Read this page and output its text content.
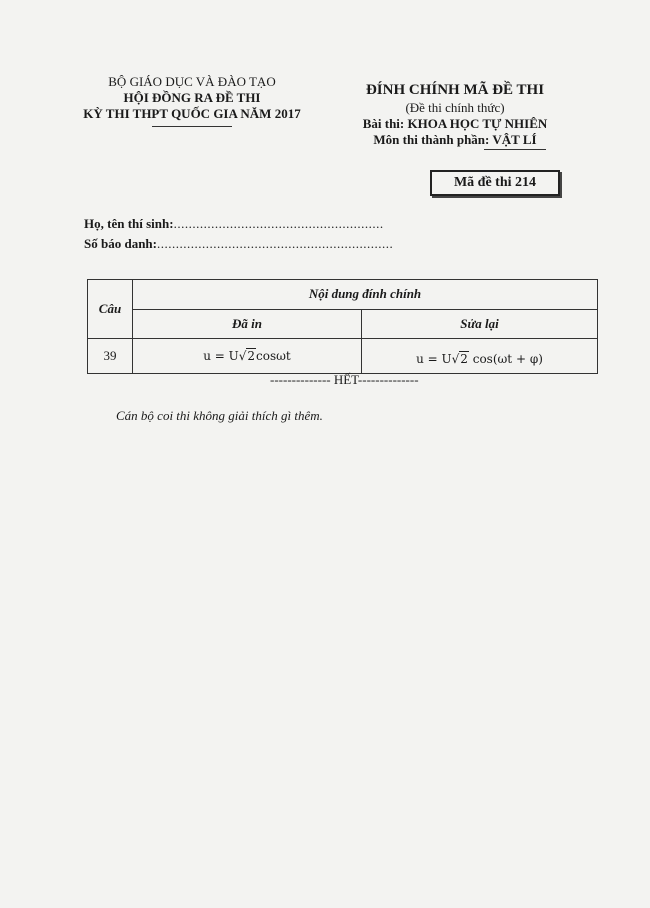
BỘ GIÁO DỤC VÀ ĐÀO TẠO
HỘI ĐỒNG RA ĐỀ THI
KỲ THI THPT QUỐC GIA NĂM 2017
ĐÍNH CHÍNH MÃ ĐỀ THI
(Đề thi chính thức)
Bài thi: KHOA HỌC TỰ NHIÊN
Môn thi thành phần: VẬT LÍ
Mã đề thi 214
Họ, tên thí sinh:........................................................
Số báo danh:...............................................................
Câu	Nội dung đính chính	
	Đã in	Sửa lại
39	u = U√2cosωt	u = U√2 cos(ωt + φ)
-------------- HẾT--------------
Cán bộ coi thi không giải thích gì thêm.
